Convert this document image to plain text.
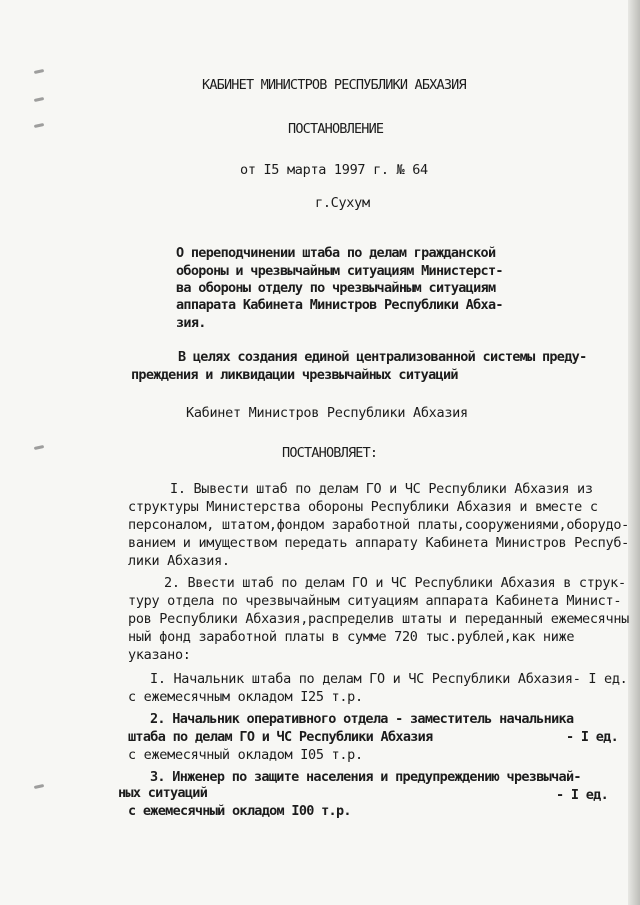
КАБИНЕТ МИНИСТРОВ РЕСПУБЛИКИ АБХАЗИЯ
ПОСТАНОВЛЕНИЕ
от I5 марта 1997 г. № 64
г.Сухум
О переподчинении штаба по делам гражданской
обороны и чрезвычайным ситуациям Министерст-
ва обороны отделу по чрезвычайным ситуациям
аппарата Кабинета Министров Республики Абха-
зия.
В целях создания единой централизованной системы преду-
преждения и ликвидации чрезвычайных ситуаций
Кабинет Министров Республики Абхазия
ПОСТАНОВЛЯЕТ:
I. Вывести штаб по делам ГО и ЧС Республики Абхазия из
структуры Министерства обороны Республики Абхазия и вместе с
персоналом, штатом,фондом заработной платы,сооружениями,оборудо-
ванием и имуществом передать аппарату Кабинета Министров Респуб-
лики Абхазия.
2. Ввести штаб по делам ГО и ЧС Республики Абхазия в струк-
туру отдела по чрезвычайным ситуациям аппарата Кабинета Минист-
ров Республики Абхазия,распределив штаты и переданный ежемесячны
ный фонд заработной платы в сумме 720 тыс.рублей,как ниже
указано:
I. Начальник штаба по делам ГО и ЧС Республики Абхазия- I ед.
с ежемесячным окладом I25 т.р.
2. Начальник оперативного отдела - заместитель начальника
штаба по делам ГО и ЧС Республики Абхазия	- I ед.
с ежемесячный окладом I05 т.р.
3. Инженер по защите населения и предупреждению чрезвычай-
ных ситуаций	- I ед.
с ежемесячный окладом I00 т.р.
